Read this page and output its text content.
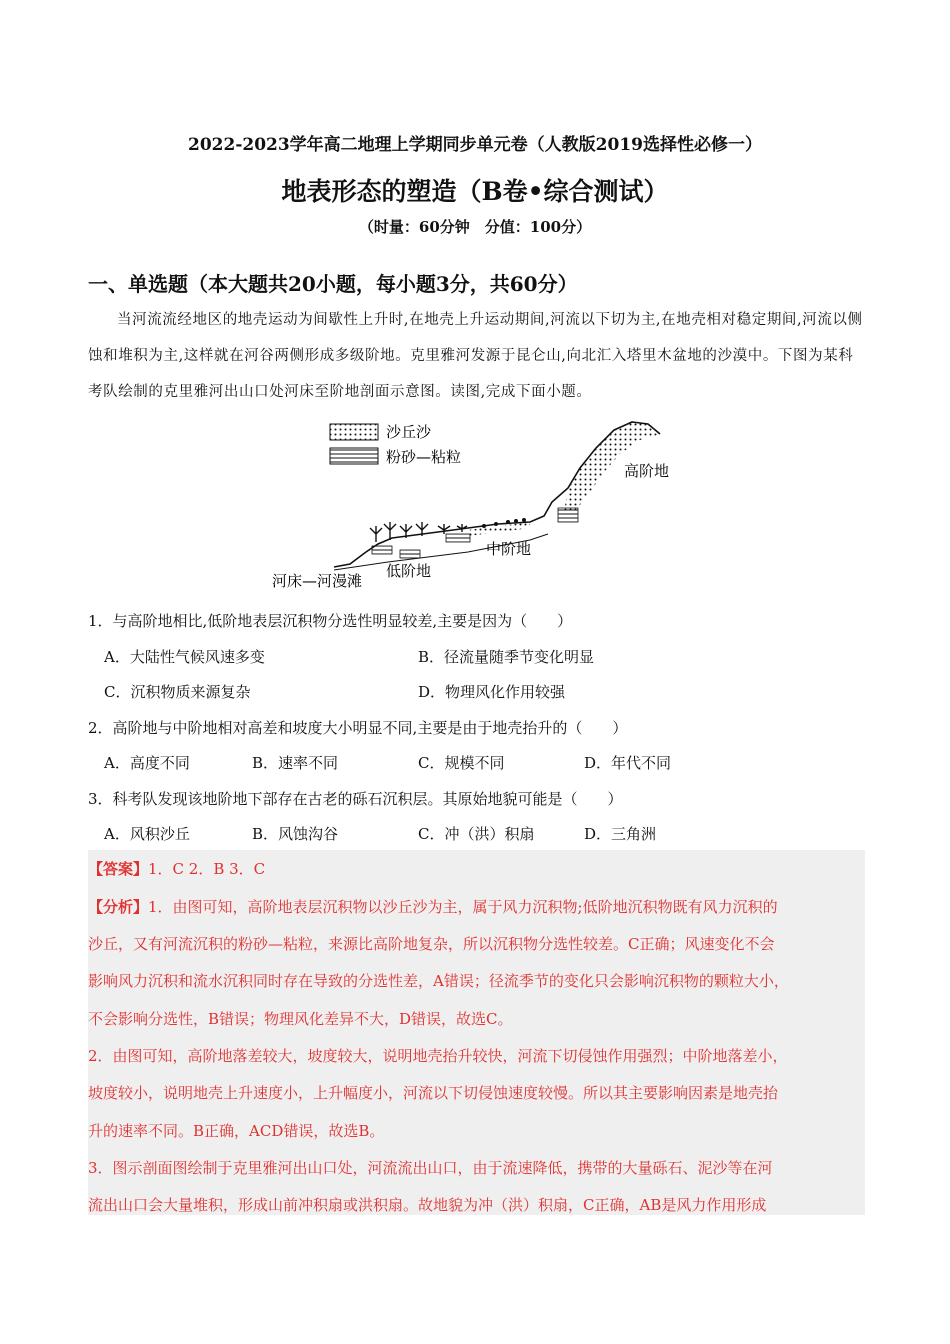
2022-2023学年高二地理上学期同步单元卷（人教版2019选择性必修一）
地表形态的塑造（B卷•综合测试）
（时量：60分钟　分值：100分）
一、单选题（本大题共20小题，每小题3分，共60分）
当河流流经地区的地壳运动为间歇性上升时,在地壳上升运动期间,河流以下切为主,在地壳相对稳定期间,河流以侧蚀和堆积为主,这样就在河谷两侧形成多级阶地。克里雅河发源于昆仑山,向北汇入塔里木盆地的沙漠中。下图为某科考队绘制的克里雅河出山口处河床至阶地剖面示意图。读图,完成下面小题。
沙丘沙
粉砂—粘粒
高阶地
中阶地
低阶地
河床—河漫滩
1．与高阶地相比,低阶地表层沉积物分选性明显较差,主要是因为（　　）
A．大陆性气候风速多变	B．径流量随季节变化明显
C．沉积物质来源复杂	D．物理风化作用较强
2．高阶地与中阶地相对高差和坡度大小明显不同,主要是由于地壳抬升的（　　）
A．高度不同	B．速率不同	C．规模不同	D．年代不同
3．科考队发现该地阶地下部存在古老的砾石沉积层。其原始地貌可能是（　　）
A．风积沙丘	B．风蚀沟谷	C．冲（洪）积扇	D．三角洲
【答案】1．C 2．B 3．C
【分析】1．由图可知，高阶地表层沉积物以沙丘沙为主，属于风力沉积物;低阶地沉积物既有风力沉积的
沙丘，又有河流沉积的粉砂—粘粒，来源比高阶地复杂，所以沉积物分选性较差。C正确；风速变化不会
影响风力沉积和流水沉积同时存在导致的分选性差，A错误；径流季节的变化只会影响沉积物的颗粒大小，
不会影响分选性，B错误；物理风化差异不大，D错误，故选C。
2．由图可知，高阶地落差较大，坡度较大，说明地壳抬升较快，河流下切侵蚀作用强烈；中阶地落差小，
坡度较小，说明地壳上升速度小，上升幅度小，河流以下切侵蚀速度较慢。所以其主要影响因素是地壳抬
升的速率不同。B正确，ACD错误，故选B。
3．图示剖面图绘制于克里雅河出山口处，河流流出山口，由于流速降低，携带的大量砾石、泥沙等在河
流出山口会大量堆积，形成山前冲积扇或洪积扇。故地貌为冲（洪）积扇，C正确，AB是风力作用形成
